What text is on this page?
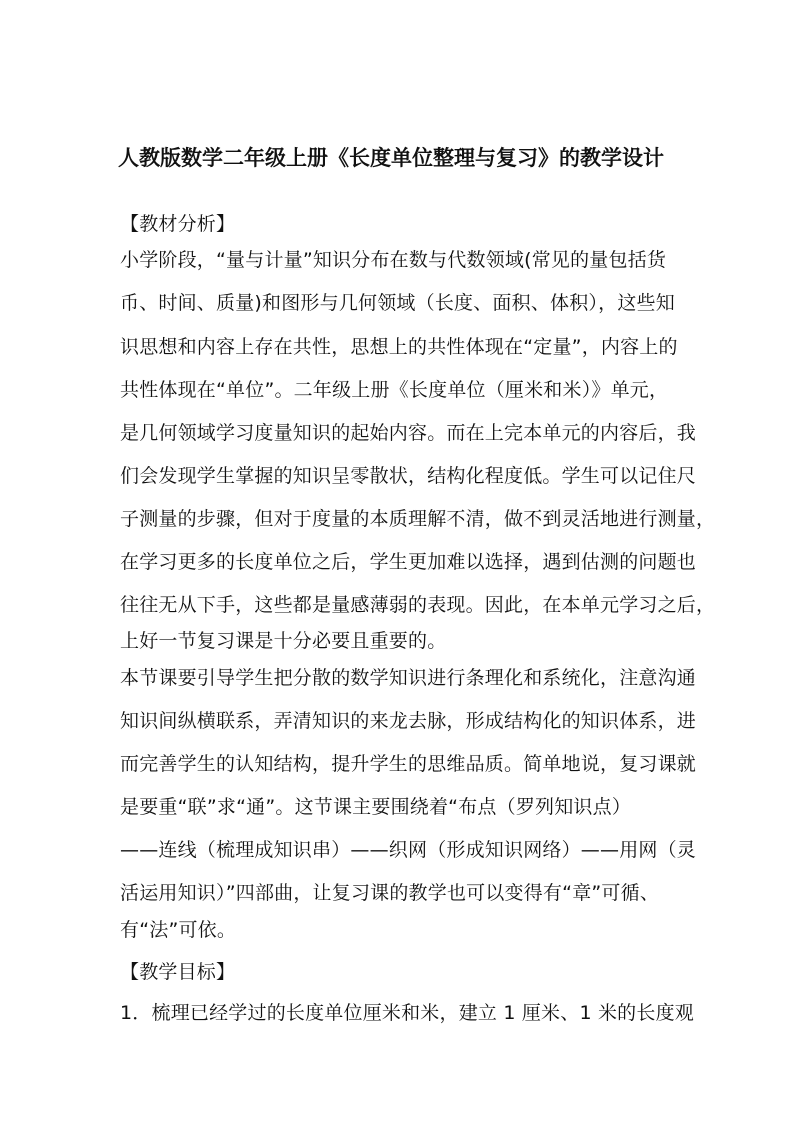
人教版数学二年级上册《长度单位整理与复习》的教学设计
【教材分析】
小学阶段，“量与计量”知识分布在数与代数领域(常见的量包括货
币、时间、质量)和图形与几何领域（长度、面积、体积），这些知
识思想和内容上存在共性，思想上的共性体现在“定量”，内容上的
共性体现在“单位”。二年级上册《长度单位（厘米和米）》单元，
是几何领域学习度量知识的起始内容。而在上完本单元的内容后，我
们会发现学生掌握的知识呈零散状，结构化程度低。学生可以记住尺
子测量的步骤，但对于度量的本质理解不清，做不到灵活地进行测量，
在学习更多的长度单位之后，学生更加难以选择，遇到估测的问题也
往往无从下手，这些都是量感薄弱的表现。因此，在本单元学习之后，
上好一节复习课是十分必要且重要的。
本节课要引导学生把分散的数学知识进行条理化和系统化，注意沟通
知识间纵横联系，弄清知识的来龙去脉，形成结构化的知识体系，进
而完善学生的认知结构，提升学生的思维品质。简单地说，复习课就
是要重“联”求“通”。这节课主要围绕着“布点（罗列知识点）
——连线（梳理成知识串）——织网（形成知识网络）——用网（灵
活运用知识）”四部曲，让复习课的教学也可以变得有“章”可循、
有“法”可依。
【教学目标】
1．梳理已经学过的长度单位厘米和米，建立 1 厘米、1 米的长度观
